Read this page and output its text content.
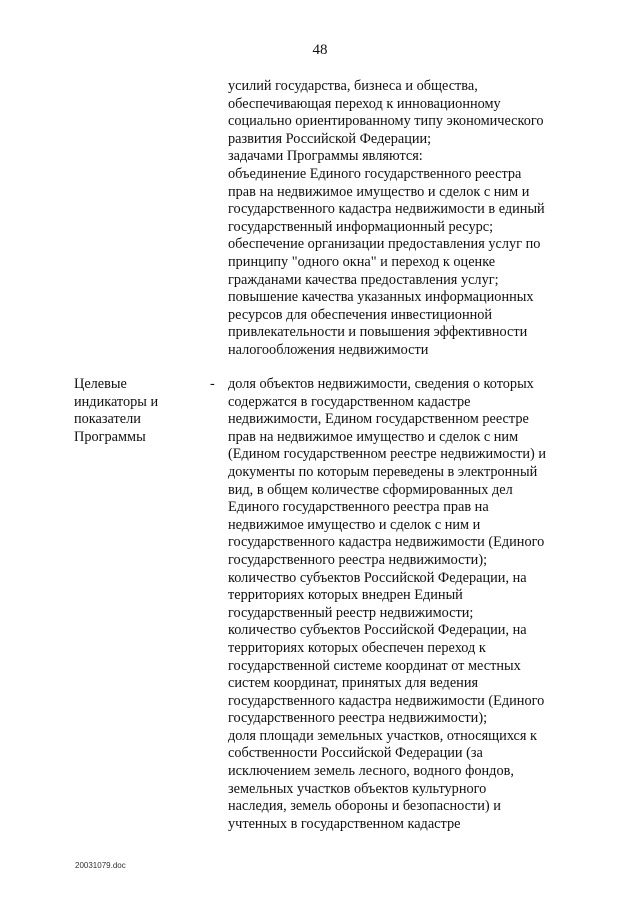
48
усилий государства, бизнеса и общества,
обеспечивающая переход к инновационному
социально ориентированному типу экономического
развития Российской Федерации;
задачами Программы являются:
объединение Единого государственного реестра
прав на недвижимое имущество и сделок с ним и
государственного кадастра недвижимости в единый
государственный информационный ресурс;
обеспечение организации предоставления услуг по
принципу "одного окна" и переход к оценке
гражданами качества предоставления услуг;
повышение качества указанных информационных
ресурсов для обеспечения инвестиционной
привлекательности и повышения эффективности
налогообложения недвижимости
Целевые
индикаторы и
показатели
Программы
- доля объектов недвижимости, сведения о которых
содержатся в государственном кадастре
недвижимости, Едином государственном реестре
прав на недвижимое имущество и сделок с ним
(Едином государственном реестре недвижимости) и
документы по которым переведены в электронный
вид, в общем количестве сформированных дел
Единого государственного реестра прав на
недвижимое имущество и сделок с ним и
государственного кадастра недвижимости (Единого
государственного реестра недвижимости);
количество субъектов Российской Федерации, на
территориях которых внедрен Единый
государственный реестр недвижимости;
количество субъектов Российской Федерации, на
территориях которых обеспечен переход к
государственной системе координат от местных
систем координат, принятых для ведения
государственного кадастра недвижимости (Единого
государственного реестра недвижимости);
доля площади земельных участков, относящихся к
собственности Российской Федерации (за
исключением земель лесного, водного фондов,
земельных участков объектов культурного
наследия, земель обороны и безопасности) и
учтенных в государственном кадастре
20031079.doc
